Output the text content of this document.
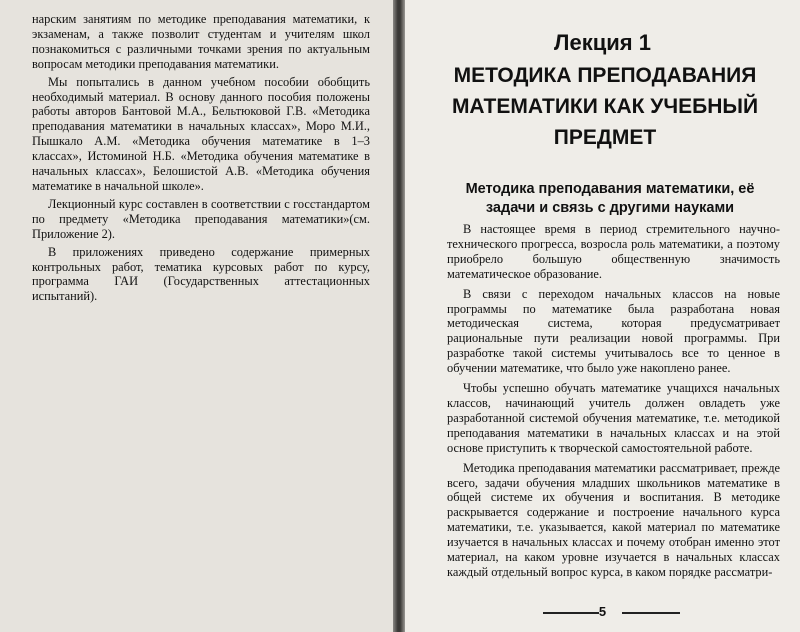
нарским занятиям по методике преподавания математики, к экзаменам, а также позволит студентам и учителям школ познакомиться с различными точками зрения по актуальным вопросам методики преподавания математики.

Мы попытались в данном учебном пособии обобщить необходимый материал. В основу данного пособия положены работы авторов Бантовой М.А., Бельтюковой Г.В. «Методика преподавания математики в начальных классах», Моро М.И., Пышкало А.М. «Методика обучения математике в 1–3 классах», Истоминой Н.Б. «Методика обучения математике в начальных классах», Белошистой А.В. «Методика обучения математике в начальной школе».

Лекционный курс составлен в соответствии с госстандартом по предмету «Методика преподавания математики»(см. Приложение 2).

В приложениях приведено содержание примерных контрольных работ, тематика курсовых работ по курсу, программа ГАИ (Государственных аттестационных испытаний).

Лекция 1
МЕТОДИКА ПРЕПОДАВАНИЯ МАТЕМАТИКИ КАК УЧЕБНЫЙ ПРЕДМЕТ
Методика преподавания математики, её задачи и связь с другими науками

В настоящее время в период стремительного научно-технического прогресса, возросла роль математики, а поэтому приобрело большую общественную значимость математическое образование.

В связи с переходом начальных классов на новые программы по математике была разработана новая методическая система, которая предусматривает рациональные пути реализации новой программы. При разработке такой системы учитывалось все то ценное в обучении математике, что было уже накоплено ранее.

Чтобы успешно обучать математике учащихся начальных классов, начинающий учитель должен овладеть уже разработанной системой обучения математике, т.е. методикой преподавания математики в начальных классах и на этой основе приступить к творческой самостоятельной работе.

Методика преподавания математики рассматривает, прежде всего, задачи обучения младших школьников математике в общей системе их обучения и воспитания. В методике раскрывается содержание и построение начального курса математики, т.е. указывается, какой материал по математике изучается в начальных классах и почему отобран именно этот материал, на каком уровне изучается в начальных классах каждый отдельный вопрос курса, в каком порядке рассматри-

5
